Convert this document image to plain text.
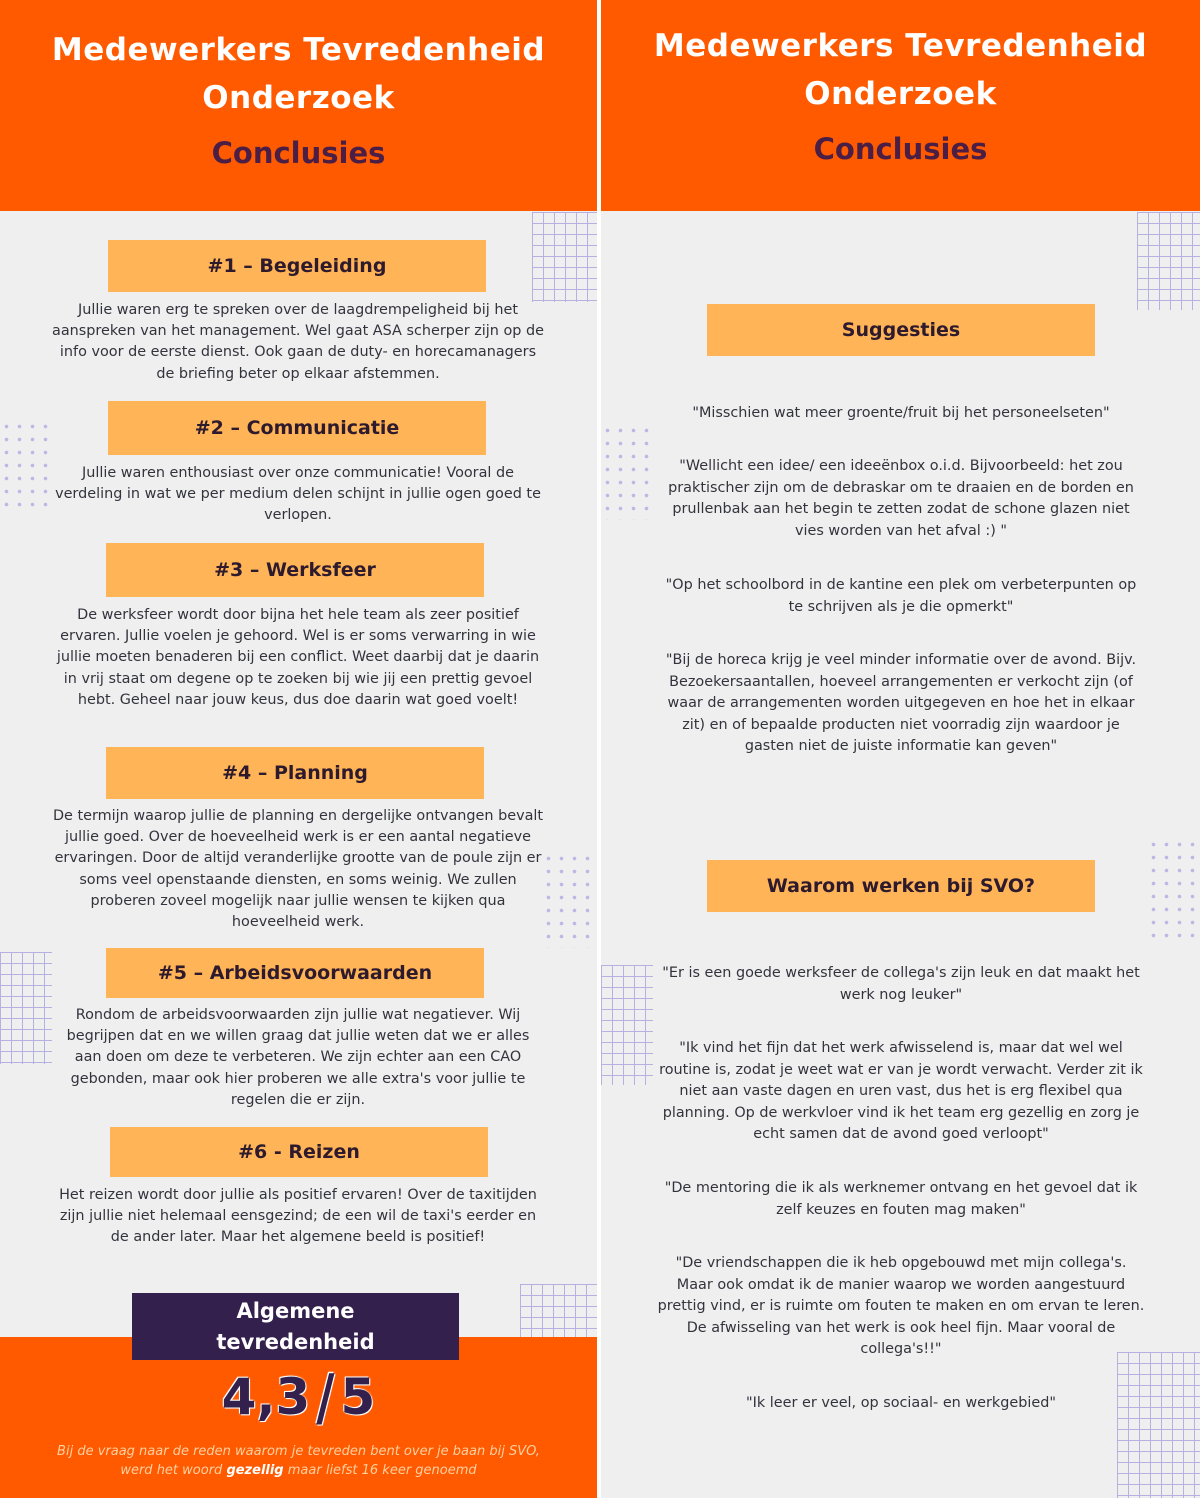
Medewerkers Tevredenheid
Onderzoek
Conclusies
#1 – Begeleiding
Jullie waren erg te spreken over de laagdrempeligheid bij het aanspreken van het management. Wel gaat ASA scherper zijn op de info voor de eerste dienst. Ook gaan de duty- en horecamanagers de briefing beter op elkaar afstemmen.
#2 – Communicatie
Jullie waren enthousiast over onze communicatie! Vooral de verdeling in wat we per medium delen schijnt in jullie ogen goed te verlopen.
#3 – Werksfeer
De werksfeer wordt door bijna het hele team als zeer positief ervaren. Jullie voelen je gehoord. Wel is er soms verwarring in wie jullie moeten benaderen bij een conflict. Weet daarbij dat je daarin in vrij staat om degene op te zoeken bij wie jij een prettig gevoel hebt. Geheel naar jouw keus, dus doe daarin wat goed voelt!
#4 – Planning
De termijn waarop jullie de planning en dergelijke ontvangen bevalt jullie goed. Over de hoeveelheid werk is er een aantal negatieve ervaringen. Door de altijd veranderlijke grootte van de poule zijn er soms veel openstaande diensten, en soms weinig. We zullen proberen zoveel mogelijk naar jullie wensen te kijken qua hoeveelheid werk.
#5 – Arbeidsvoorwaarden
Rondom de arbeidsvoorwaarden zijn jullie wat negatiever. Wij begrijpen dat en we willen graag dat jullie weten dat we er alles aan doen om deze te verbeteren. We zijn echter aan een CAO gebonden, maar ook hier proberen we alle extra's voor jullie te regelen die er zijn.
#6 - Reizen
Het reizen wordt door jullie als positief ervaren! Over de taxitijden zijn jullie niet helemaal eensgezind; de een wil de taxi's eerder en de ander later. Maar het algemene beeld is positief!
Algemene
tevredenheid
4,3 / 5
Bij de vraag naar de reden waarom je tevreden bent over je baan bij SVO, werd het woord gezellig maar liefst 16 keer genoemd
Medewerkers Tevredenheid
Onderzoek
Conclusies
Suggesties
"Misschien wat meer groente/fruit bij het personeelseten"
"Wellicht een idee/ een ideeënbox o.i.d. Bijvoorbeeld: het zou praktischer zijn om de debraskar om te draaien en de borden en prullenbak aan het begin te zetten zodat de schone glazen niet vies worden van het afval :) "
"Op het schoolbord in de kantine een plek om verbeterpunten op te schrijven als je die opmerkt"
"Bij de horeca krijg je veel minder informatie over de avond. Bijv. Bezoekersaantallen, hoeveel arrangementen er verkocht zijn (of waar de arrangementen worden uitgegeven en hoe het in elkaar zit) en of bepaalde producten niet voorradig zijn waardoor je gasten niet de juiste informatie kan geven"
Waarom werken bij SVO?
"Er is een goede werksfeer de collega's zijn leuk en dat maakt het werk nog leuker"
"Ik vind het fijn dat het werk afwisselend is, maar dat wel wel routine is, zodat je weet wat er van je wordt verwacht. Verder zit ik niet aan vaste dagen en uren vast, dus het is erg flexibel qua planning. Op de werkvloer vind ik het team erg gezellig en zorg je echt samen dat de avond goed verloopt"
"De mentoring die ik als werknemer ontvang en het gevoel dat ik zelf keuzes en fouten mag maken"
"De vriendschappen die ik heb opgebouwd met mijn collega's. Maar ook omdat ik de manier waarop we worden aangestuurd prettig vind, er is ruimte om fouten te maken en om ervan te leren. De afwisseling van het werk is ook heel fijn. Maar vooral de collega's!!"
"Ik leer er veel, op sociaal- en werkgebied"
